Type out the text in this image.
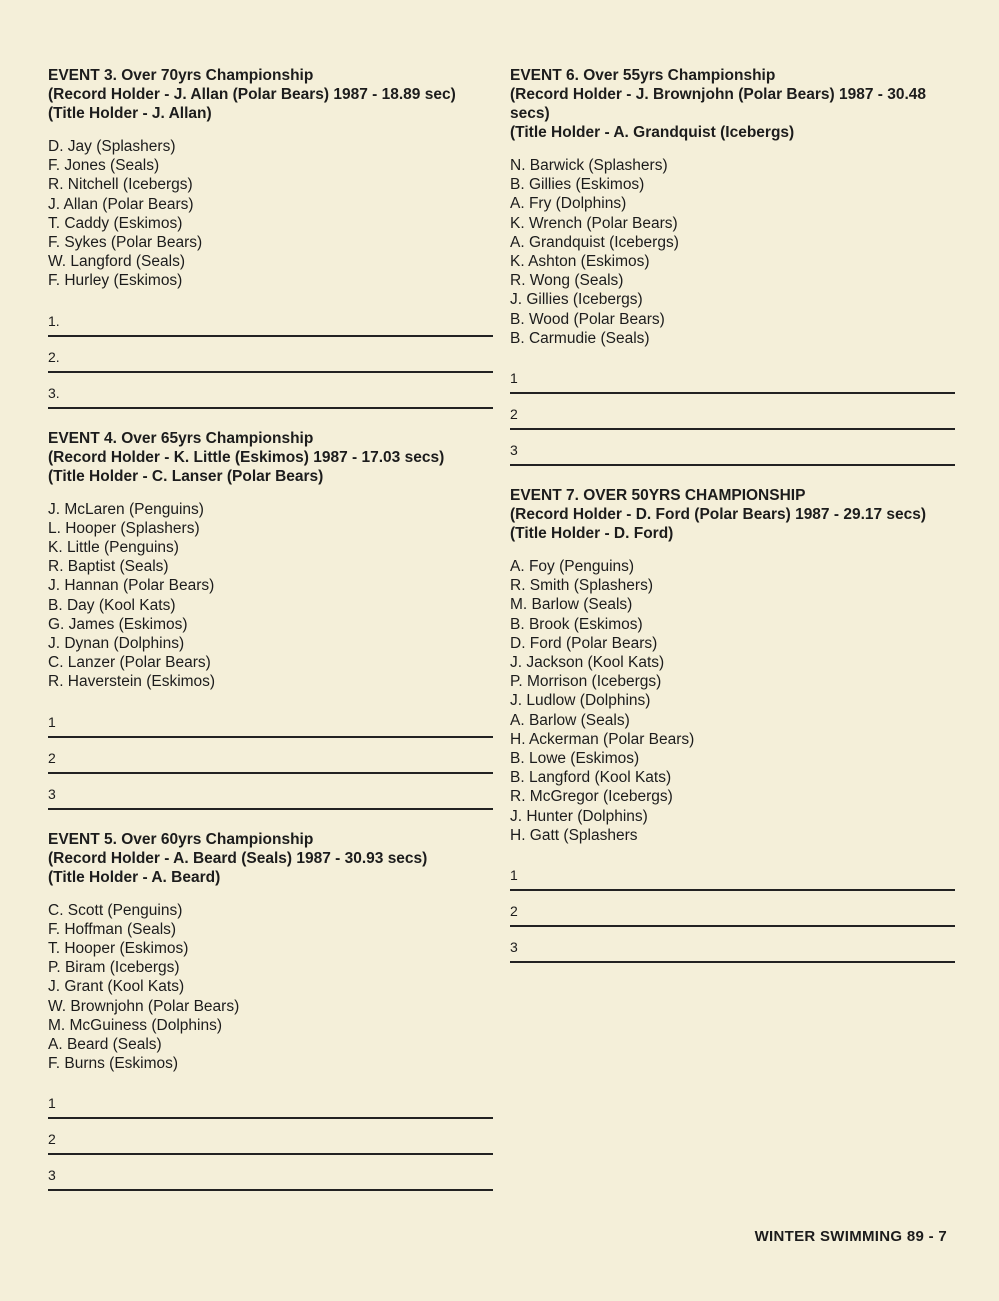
EVENT 3. Over 70yrs Championship
(Record Holder - J. Allan (Polar Bears) 1987 - 18.89 sec)
(Title Holder - J. Allan)
D. Jay (Splashers)
F. Jones (Seals)
R. Nitchell (Icebergs)
J. Allan (Polar Bears)
T. Caddy (Eskimos)
F. Sykes (Polar Bears)
W. Langford (Seals)
F. Hurley (Eskimos)
1.
2.
3.
EVENT 4. Over 65yrs Championship
(Record Holder - K. Little (Eskimos) 1987 - 17.03 secs)
(Title Holder - C. Lanser (Polar Bears)
J. McLaren (Penguins)
L. Hooper (Splashers)
K. Little (Penguins)
R. Baptist (Seals)
J. Hannan (Polar Bears)
B. Day (Kool Kats)
G. James (Eskimos)
J. Dynan (Dolphins)
C. Lanzer (Polar Bears)
R. Haverstein (Eskimos)
1
2
3
EVENT 5. Over 60yrs Championship
(Record Holder - A. Beard (Seals) 1987 - 30.93 secs)
(Title Holder - A. Beard)
C. Scott (Penguins)
F. Hoffman (Seals)
T. Hooper (Eskimos)
P. Biram (Icebergs)
J. Grant (Kool Kats)
W. Brownjohn (Polar Bears)
M. McGuiness (Dolphins)
A. Beard (Seals)
F. Burns (Eskimos)
1
2
3
EVENT 6. Over 55yrs Championship
(Record Holder - J. Brownjohn (Polar Bears) 1987 - 30.48 secs)
(Title Holder - A. Grandquist (Icebergs)
N. Barwick (Splashers)
B. Gillies (Eskimos)
A. Fry (Dolphins)
K. Wrench (Polar Bears)
A. Grandquist (Icebergs)
K. Ashton (Eskimos)
R. Wong (Seals)
J. Gillies (Icebergs)
B. Wood (Polar Bears)
B. Carmudie (Seals)
1
2
3
EVENT 7. OVER 50YRS CHAMPIONSHIP
(Record Holder - D. Ford (Polar Bears) 1987 - 29.17 secs)
(Title Holder - D. Ford)
A. Foy (Penguins)
R. Smith (Splashers)
M. Barlow (Seals)
B. Brook (Eskimos)
D. Ford (Polar Bears)
J. Jackson (Kool Kats)
P. Morrison (Icebergs)
J. Ludlow (Dolphins)
A. Barlow (Seals)
H. Ackerman (Polar Bears)
B. Lowe (Eskimos)
B. Langford (Kool Kats)
R. McGregor (Icebergs)
J. Hunter (Dolphins)
H. Gatt (Splashers
1
2
3
WINTER SWIMMING 89 - 7
